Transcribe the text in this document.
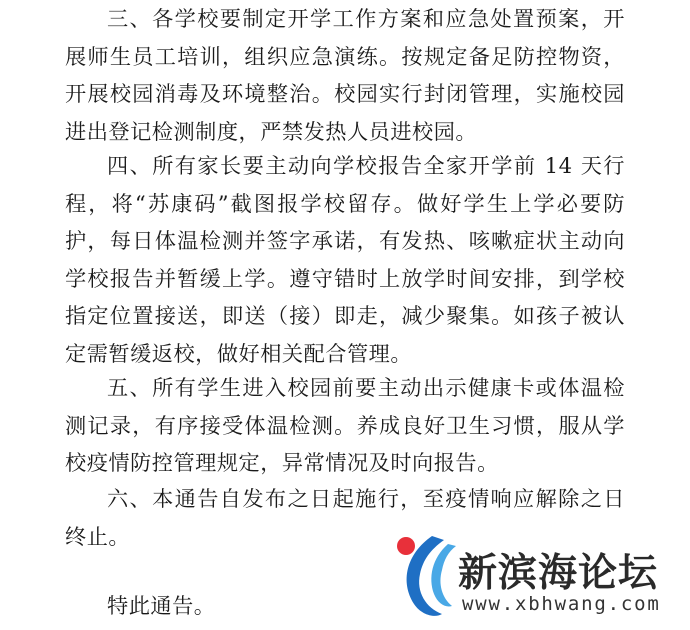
三、各学校要制定开学工作方案和应急处置预案，开展师生员工培训，组织应急演练。按规定备足防控物资，开展校园消毒及环境整治。校园实行封闭管理，实施校园进出登记检测制度，严禁发热人员进校园。

四、所有家长要主动向学校报告全家开学前 14 天行程，将“苏康码”截图报学校留存。做好学生上学必要防护，每日体温检测并签字承诺，有发热、咳嗽症状主动向学校报告并暂缓上学。遵守错时上放学时间安排，到学校指定位置接送，即送（接）即走，减少聚集。如孩子被认定需暂缓返校，做好相关配合管理。

五、所有学生进入校园前要主动出示健康卡或体温检测记录，有序接受体温检测。养成良好卫生习惯，服从学校疫情防控管理规定，异常情况及时向报告。

六、本通告自发布之日起施行，至疫情响应解除之日终止。

特此通告。

新滨海论坛
www.xbhwang.com
